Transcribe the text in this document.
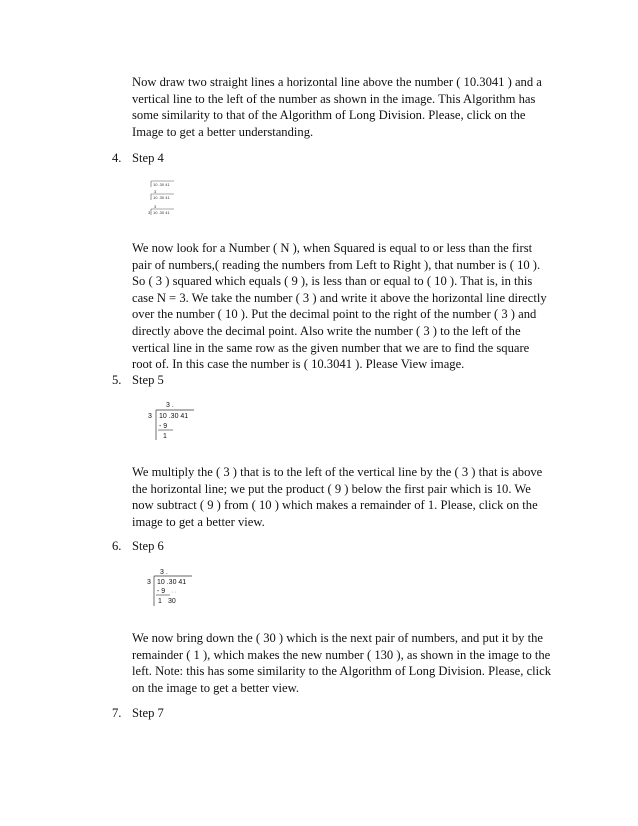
Now draw two straight lines a horizontal line above the number ( 10.3041 ) and a vertical line to the left of the number as shown in the image. This Algorithm has some similarity to that of the Algorithm of Long Division. Please, click on the Image to get a better understanding.

4. Step 4
10 .30 41
3
10 .30 41
3
3 10 .30 41

We now look for a Number ( N ), when Squared is equal to or less than the first pair of numbers,( reading the numbers from Left to Right ), that number is ( 10 ). So ( 3 ) squared which equals ( 9 ), is less than or equal to ( 10 ). That is, in this case N = 3. We take the number ( 3 ) and write it above the horizontal line directly over the number ( 10 ). Put the decimal point to the right of the number ( 3 ) and directly above the decimal point. Also write the number ( 3 ) to the left of the vertical line in the same row as the given number that we are to find the square root of. In this case the number is ( 10.3041 ). Please View image.

5. Step 5
3 .
3 10 .30 41
- 9
1

We multiply the ( 3 ) that is to the left of the vertical line by the ( 3 ) that is above the horizontal line; we put the product ( 9 ) below the first pair which is 10. We now subtract ( 9 ) from ( 10 ) which makes a remainder of 1. Please, click on the image to get a better view.

6. Step 6
3 .
3 10 .30 41
- 9 ↓ ↓
1 30

We now bring down the ( 30 ) which is the next pair of numbers, and put it by the remainder ( 1 ), which makes the new number ( 130 ), as shown in the image to the left. Note: this has some similarity to the Algorithm of Long Division. Please, click on the image to get a better view.

7. Step 7
